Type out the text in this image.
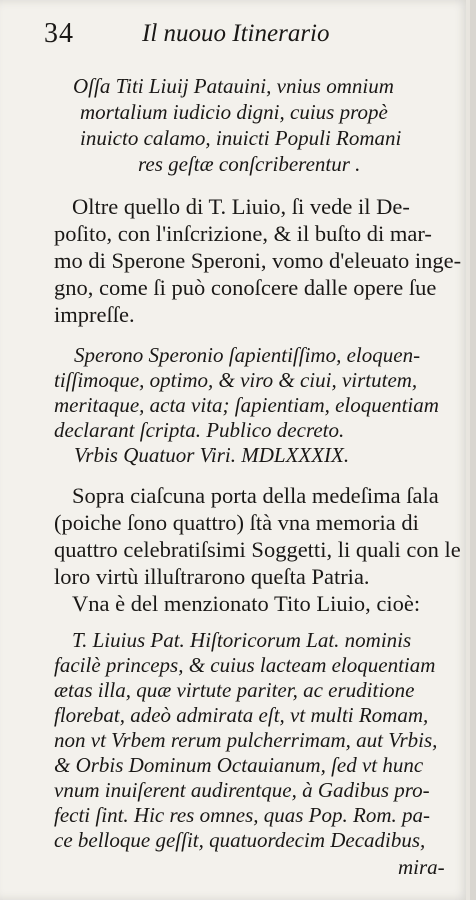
34	Il nuouo Itinerario
Oſſa Titi Liuij Patauini, vnius omnium
mortalium iudicio digni, cuius propè
inuicto calamo, inuicti Populi Romani
res geſtæ conſcriberentur .
Oltre quello di T. Liuio, ſi vede il De-
poſito, con l'inſcrizione, & il buſto di mar-
mo di Sperone Speroni, vomo d'eleuato inge-
gno, come ſi può conoſcere dalle opere ſue
impreſſe.
Sperono Speronio ſapientiſſimo, eloquen-
tiſſimoque, optimo, & viro & ciui, virtutem,
meritaque, acta vita; ſapientiam, eloquentiam
declarant ſcripta. Publico decreto.
Vrbis Quatuor Viri. MDLXXXIX.
Sopra ciaſcuna porta della medeſima ſala
(poiche ſono quattro) ſtà vna memoria di
quattro celebratiſsimi Soggetti, li quali con le
loro virtù illuſtrarono queſta Patria.
Vna è del menzionato Tito Liuio, cioè:
T. Liuius Pat. Hiſtoricorum Lat. nominis
facilè princeps, & cuius lacteam eloquentiam
ætas illa, quæ virtute pariter, ac eruditione
florebat, adeò admirata eſt, vt multi Romam,
non vt Vrbem rerum pulcherrimam, aut Vrbis,
& Orbis Dominum Octauianum, ſed vt hunc
vnum inuiſerent audirentque, à Gadibus pro-
fecti ſint. Hic res omnes, quas Pop. Rom. pa-
ce belloque geſſit, quatuordecim Decadibus,
mira-
